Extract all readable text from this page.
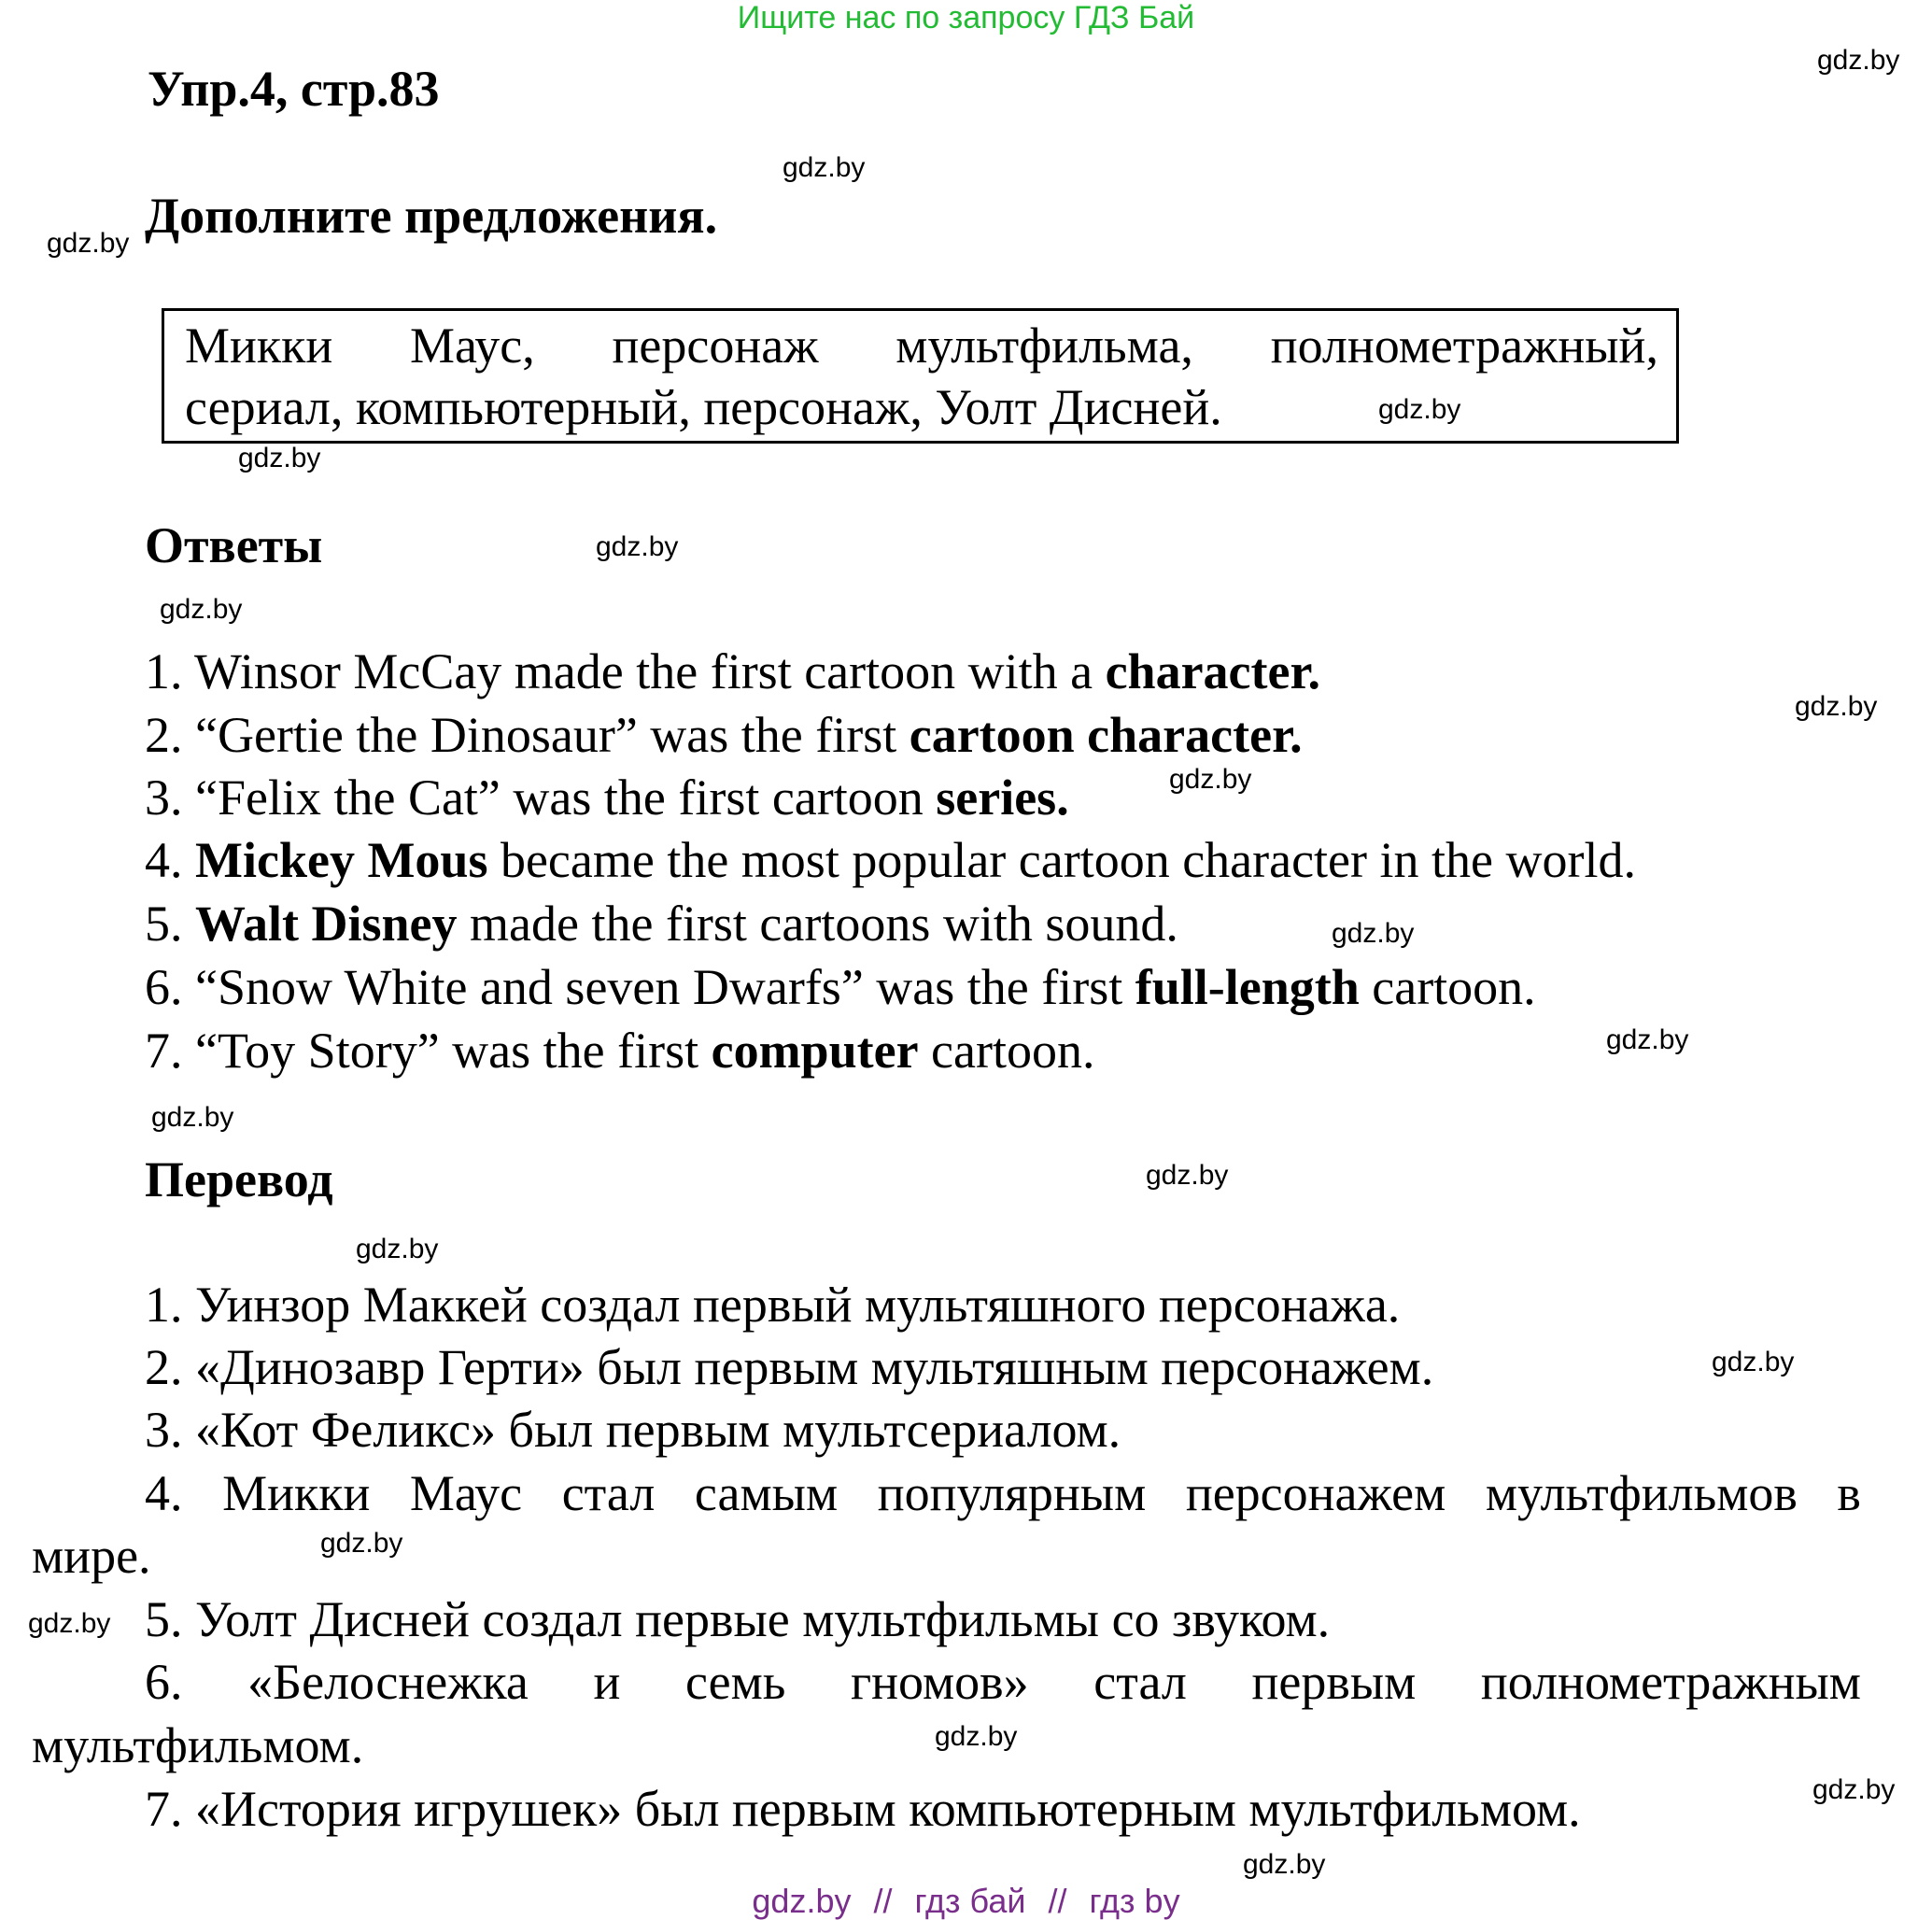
Ищите нас по запросу ГДЗ Бай
Упр.4, стр.83
Дополните предложения.
Микки Маус, персонаж мультфильма, полнометражный,
сериал, компьютерный, персонаж, Уолт Дисней.
Ответы
1. Winsor McCay made the first cartoon with a character.
2. “Gertie the Dinosaur” was the first cartoon character.
3. “Felix the Cat” was the first cartoon series.
4. Mickey Mous became the most popular cartoon character in the world.
5. Walt Disney made the first cartoons with sound.
6. “Snow White and seven Dwarfs” was the first full-length cartoon.
7. “Toy Story” was the first computer cartoon.
Перевод
1. Уинзор Маккей создал первый мультяшного персонажа.
2. «Динозавр Герти» был первым мультяшным персонажем.
3. «Кот Феликс» был первым мультсериалом.
4. Микки Маус стал самым популярным персонажем мультфильмов в
мире.
5. Уолт Дисней создал первые мультфильмы со звуком.
6. «Белоснежка и семь гномов» стал первым полнометражным
мультфильмом.
7. «История игрушек» был первым компьютерным мультфильмом.
gdz.by
gdz.by
gdz.by
gdz.by
gdz.by
gdz.by
gdz.by
gdz.by
gdz.by
gdz.by
gdz.by
gdz.by
gdz.by
gdz.by
gdz.by
gdz.by
gdz.by
gdz.by
gdz.by
gdz.by
gdz.by // гдз бай // гдз by
